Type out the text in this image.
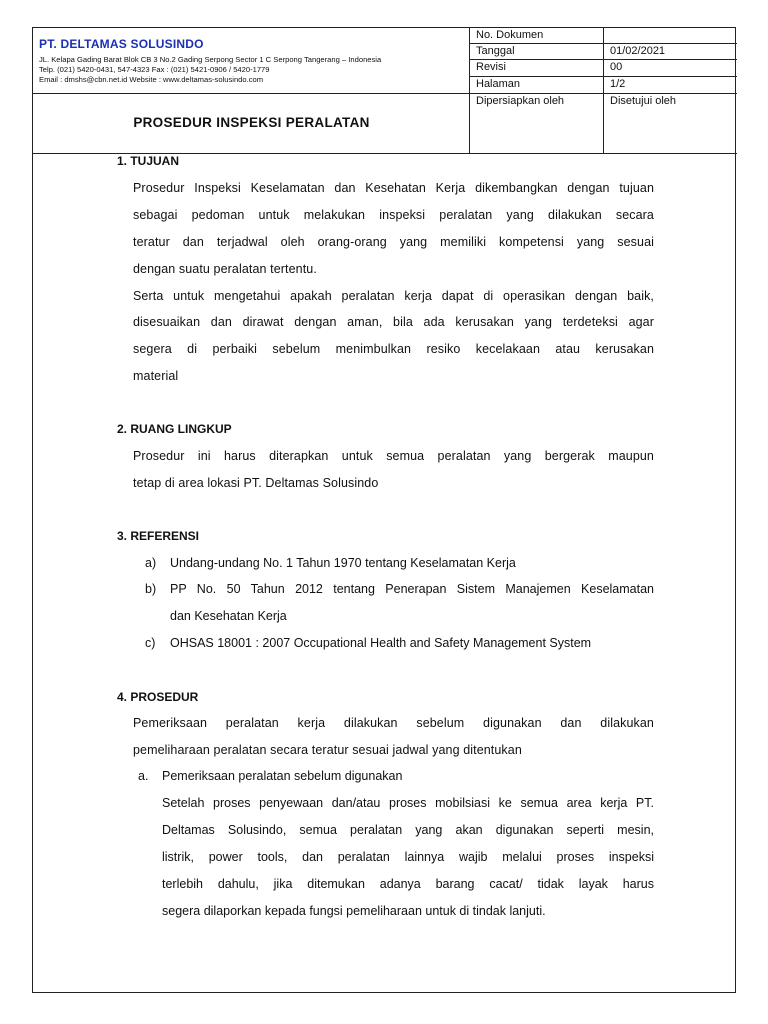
PT. DELTAMAS SOLUSINDO
JL. Kelapa Gading Barat Blok CB 3 No.2 Gading Serpong Sector 1 C Serpong Tangerang – Indonesia
Telp. (021) 5420-0431, 547-4323 Fax : (021) 5421-0906 / 5420-1779
Email : dmshs@cbn.net.id Website : www.deltamas-solusindo.com
PROSEDUR INSPEKSI PERALATAN
No. Dokumen
Tanggal	01/02/2021
Revisi	00
Halaman	1/2
Dipersiapkan oleh	Disetujui oleh
1. TUJUAN
Prosedur Inspeksi Keselamatan dan Kesehatan Kerja dikembangkan dengan tujuan
sebagai pedoman untuk melakukan inspeksi peralatan yang dilakukan secara
teratur dan terjadwal oleh orang-orang yang memiliki kompetensi yang sesuai
dengan suatu peralatan tertentu.
Serta untuk mengetahui apakah peralatan kerja dapat di operasikan dengan baik,
disesuaikan dan dirawat dengan aman, bila ada kerusakan yang terdeteksi agar
segera di perbaiki sebelum menimbulkan resiko kecelakaan atau kerusakan
material
2. RUANG LINGKUP
Prosedur ini harus diterapkan untuk semua peralatan yang bergerak maupun
tetap di area lokasi PT. Deltamas Solusindo
3. REFERENSI
a) Undang-undang No. 1 Tahun 1970 tentang Keselamatan Kerja
b) PP No. 50 Tahun 2012 tentang Penerapan Sistem Manajemen Keselamatan
dan Kesehatan Kerja
c) OHSAS 18001 : 2007 Occupational Health and Safety Management System
4. PROSEDUR
Pemeriksaan peralatan kerja dilakukan sebelum digunakan dan dilakukan
pemeliharaan peralatan secara teratur sesuai jadwal yang ditentukan
a. Pemeriksaan peralatan sebelum digunakan
Setelah proses penyewaan dan/atau proses mobilsiasi ke semua area kerja PT.
Deltamas Solusindo, semua peralatan yang akan digunakan seperti mesin,
listrik, power tools, dan peralatan lainnya wajib melalui proses inspeksi
terlebih dahulu, jika ditemukan adanya barang cacat/ tidak layak harus
segera dilaporkan kepada fungsi pemeliharaan untuk di tindak lanjuti.
